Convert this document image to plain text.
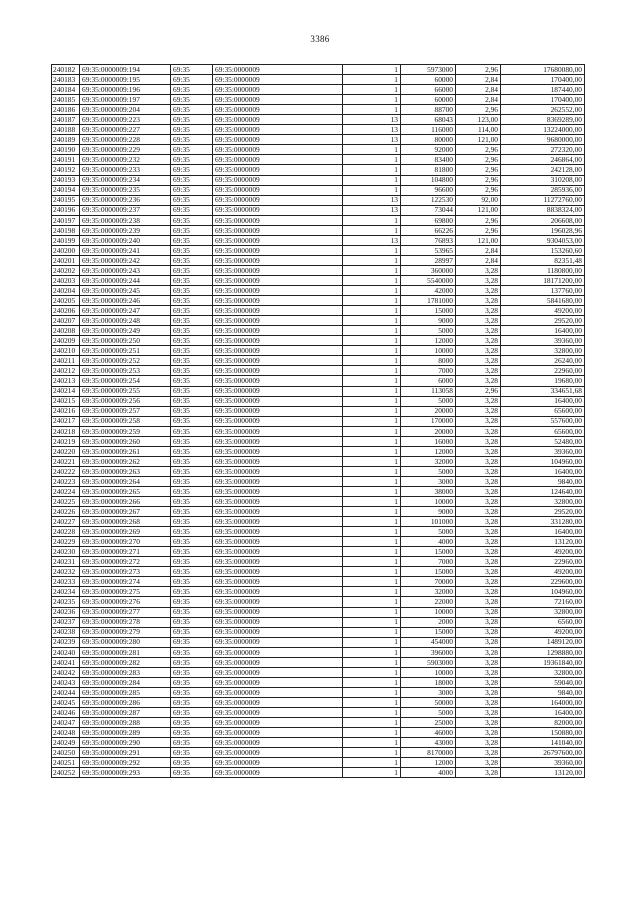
3386
240182	69:35:0000009:194	69:35	69:35:0000009	1	5973000	2,96	17680080,00
240183	69:35:0000009:195	69:35	69:35:0000009	1	60000	2,84	170400,00
240184	69:35:0000009:196	69:35	69:35:0000009	1	66000	2,84	187440,00
240185	69:35:0000009:197	69:35	69:35:0000009	1	60000	2,84	170400,00
240186	69:35:0000009:204	69:35	69:35:0000009	1	88700	2,96	262552,00
240187	69:35:0000009:223	69:35	69:35:0000009	13	68043	123,00	8369289,00
240188	69:35:0000009:227	69:35	69:35:0000009	13	116000	114,00	13224000,00
240189	69:35:0000009:228	69:35	69:35:0000009	13	80000	121,00	9680000,00
240190	69:35:0000009:229	69:35	69:35:0000009	1	92000	2,96	272320,00
240191	69:35:0000009:232	69:35	69:35:0000009	1	83400	2,96	246864,00
240192	69:35:0000009:233	69:35	69:35:0000009	1	81800	2,96	242128,00
240193	69:35:0000009:234	69:35	69:35:0000009	1	104800	2,96	310208,00
240194	69:35:0000009:235	69:35	69:35:0000009	1	96600	2,96	285936,00
240195	69:35:0000009:236	69:35	69:35:0000009	13	122530	92,00	11272760,00
240196	69:35:0000009:237	69:35	69:35:0000009	13	73044	121,00	8838324,00
240197	69:35:0000009:238	69:35	69:35:0000009	1	69800	2,96	206608,00
240198	69:35:0000009:239	69:35	69:35:0000009	1	66226	2,96	196028,96
240199	69:35:0000009:240	69:35	69:35:0000009	13	76893	121,00	9304053,00
240200	69:35:0000009:241	69:35	69:35:0000009	1	53965	2,84	153260,60
240201	69:35:0000009:242	69:35	69:35:0000009	1	28997	2,84	82351,48
240202	69:35:0000009:243	69:35	69:35:0000009	1	360000	3,28	1180800,00
240203	69:35:0000009:244	69:35	69:35:0000009	1	5540000	3,28	18171200,00
240204	69:35:0000009:245	69:35	69:35:0000009	1	42000	3,28	137760,00
240205	69:35:0000009:246	69:35	69:35:0000009	1	1781000	3,28	5841680,00
240206	69:35:0000009:247	69:35	69:35:0000009	1	15000	3,28	49200,00
240207	69:35:0000009:248	69:35	69:35:0000009	1	9000	3,28	29520,00
240208	69:35:0000009:249	69:35	69:35:0000009	1	5000	3,28	16400,00
240209	69:35:0000009:250	69:35	69:35:0000009	1	12000	3,28	39360,00
240210	69:35:0000009:251	69:35	69:35:0000009	1	10000	3,28	32800,00
240211	69:35:0000009:252	69:35	69:35:0000009	1	8000	3,28	26240,00
240212	69:35:0000009:253	69:35	69:35:0000009	1	7000	3,28	22960,00
240213	69:35:0000009:254	69:35	69:35:0000009	1	6000	3,28	19680,00
240214	69:35:0000009:255	69:35	69:35:0000009	1	113058	2,96	334651,68
240215	69:35:0000009:256	69:35	69:35:0000009	1	5000	3,28	16400,00
240216	69:35:0000009:257	69:35	69:35:0000009	1	20000	3,28	65600,00
240217	69:35:0000009:258	69:35	69:35:0000009	1	170000	3,28	557600,00
240218	69:35:0000009:259	69:35	69:35:0000009	1	20000	3,28	65600,00
240219	69:35:0000009:260	69:35	69:35:0000009	1	16000	3,28	52480,00
240220	69:35:0000009:261	69:35	69:35:0000009	1	12000	3,28	39360,00
240221	69:35:0000009:262	69:35	69:35:0000009	1	32000	3,28	104960,00
240222	69:35:0000009:263	69:35	69:35:0000009	1	5000	3,28	16400,00
240223	69:35:0000009:264	69:35	69:35:0000009	1	3000	3,28	9840,00
240224	69:35:0000009:265	69:35	69:35:0000009	1	38000	3,28	124640,00
240225	69:35:0000009:266	69:35	69:35:0000009	1	10000	3,28	32800,00
240226	69:35:0000009:267	69:35	69:35:0000009	1	9000	3,28	29520,00
240227	69:35:0000009:268	69:35	69:35:0000009	1	101000	3,28	331280,00
240228	69:35:0000009:269	69:35	69:35:0000009	1	5000	3,28	16400,00
240229	69:35:0000009:270	69:35	69:35:0000009	1	4000	3,28	13120,00
240230	69:35:0000009:271	69:35	69:35:0000009	1	15000	3,28	49200,00
240231	69:35:0000009:272	69:35	69:35:0000009	1	7000	3,28	22960,00
240232	69:35:0000009:273	69:35	69:35:0000009	1	15000	3,28	49200,00
240233	69:35:0000009:274	69:35	69:35:0000009	1	70000	3,28	229600,00
240234	69:35:0000009:275	69:35	69:35:0000009	1	32000	3,28	104960,00
240235	69:35:0000009:276	69:35	69:35:0000009	1	22000	3,28	72160,00
240236	69:35:0000009:277	69:35	69:35:0000009	1	10000	3,28	32800,00
240237	69:35:0000009:278	69:35	69:35:0000009	1	2000	3,28	6560,00
240238	69:35:0000009:279	69:35	69:35:0000009	1	15000	3,28	49200,00
240239	69:35:0000009:280	69:35	69:35:0000009	1	454000	3,28	1489120,00
240240	69:35:0000009:281	69:35	69:35:0000009	1	396000	3,28	1298880,00
240241	69:35:0000009:282	69:35	69:35:0000009	1	5903000	3,28	19361840,00
240242	69:35:0000009:283	69:35	69:35:0000009	1	10000	3,28	32800,00
240243	69:35:0000009:284	69:35	69:35:0000009	1	18000	3,28	59040,00
240244	69:35:0000009:285	69:35	69:35:0000009	1	3000	3,28	9840,00
240245	69:35:0000009:286	69:35	69:35:0000009	1	50000	3,28	164000,00
240246	69:35:0000009:287	69:35	69:35:0000009	1	5000	3,28	16400,00
240247	69:35:0000009:288	69:35	69:35:0000009	1	25000	3,28	82000,00
240248	69:35:0000009:289	69:35	69:35:0000009	1	46000	3,28	150880,00
240249	69:35:0000009:290	69:35	69:35:0000009	1	43000	3,28	141040,00
240250	69:35:0000009:291	69:35	69:35:0000009	1	8170000	3,28	26797600,00
240251	69:35:0000009:292	69:35	69:35:0000009	1	12000	3,28	39360,00
240252	69:35:0000009:293	69:35	69:35:0000009	1	4000	3,28	13120,00
